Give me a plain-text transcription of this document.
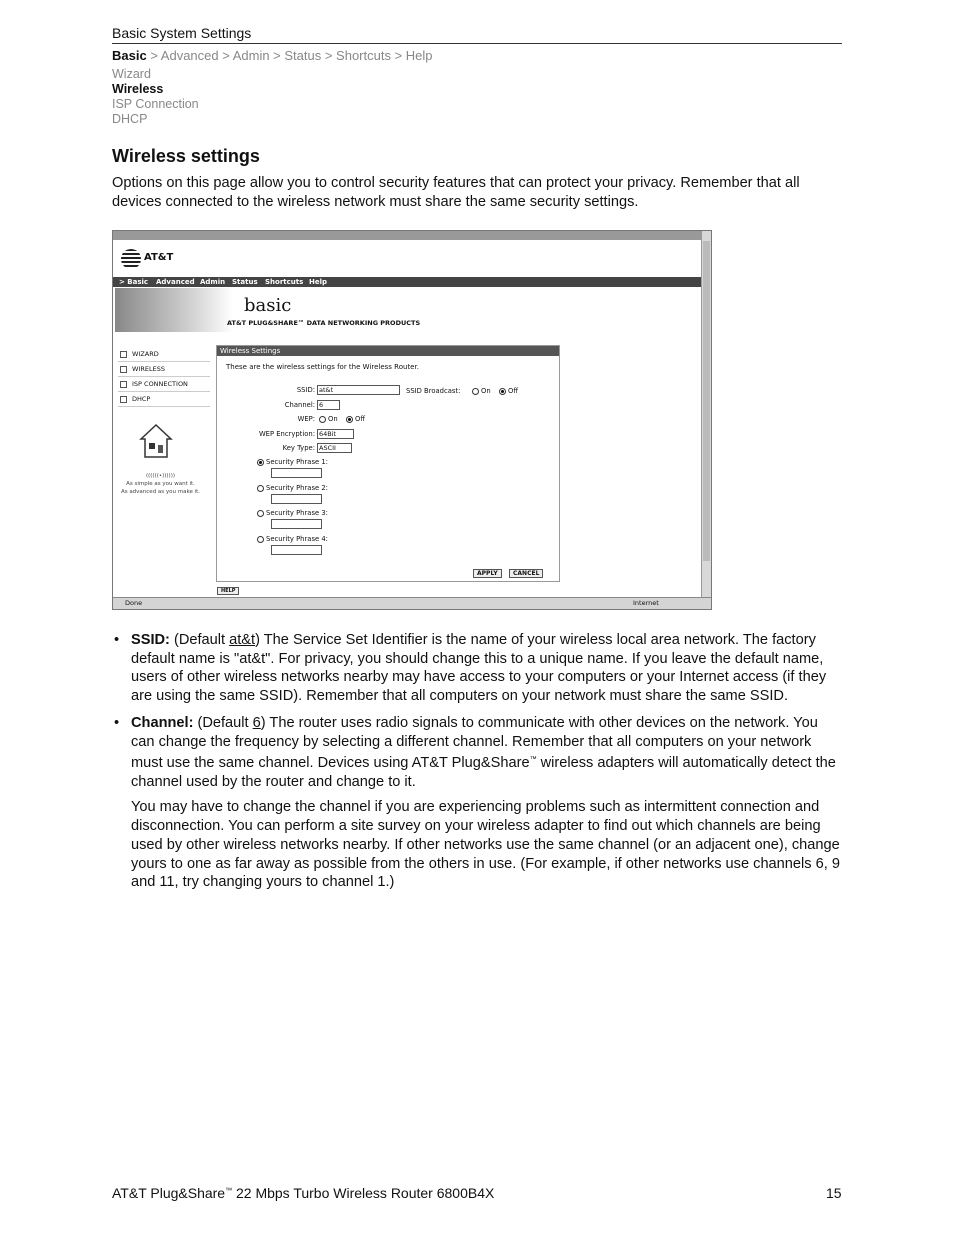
Basic System Settings
Basic > Advanced > Admin > Status > Shortcuts > Help
Wizard
Wireless
ISP Connection
DHCP
Wireless settings
Options on this page allow you to control security features that can protect your privacy. Remember that all devices connected to the wireless network must share the same security settings.
AT&T
> Basic Advanced Admin Status Shortcuts Help
basic
AT&T PLUG&SHARE™ DATA NETWORKING PRODUCTS
WIZARD
WIRELESS
ISP CONNECTION
DHCP
((((((•))))))
As simple as you want it.
As advanced as you make it.
Wireless Settings
These are the wireless settings for the Wireless Router.
SSID: at&t	SSID Broadcast:	On	Off
Channel: 6
WEP:	On	Off
WEP Encryption: 64Bit
Key Type: ASCII
Security Phrase 1:
Security Phrase 2:
Security Phrase 3:
Security Phrase 4:
APPLY	CANCEL
HELP
Done	Internet
• SSID: (Default at&t) The Service Set Identifier is the name of your wireless local area network. The factory default name is "at&t". For privacy, you should change this to a unique name. If you leave the default name, users of other wireless networks nearby may have access to your computers or your Internet access (if they are using the same SSID). Remember that all computers on your network must share the same SSID.

• Channel: (Default 6) The router uses radio signals to communicate with other devices on the network. You can change the frequency by selecting a different channel. Remember that all computers on your network must use the same channel. Devices using AT&T Plug&Share™ wireless adapters will automatically detect the channel used by the router and change to it.

You may have to change the channel if you are experiencing problems such as intermittent connection and disconnection. You can perform a site survey on your wireless adapter to find out which channels are being used by other wireless networks nearby. If other networks use the same channel (or an adjacent one), change yours to one as far away as possible from the others in use. (For example, if other networks use channels 6, 9 and 11, try changing yours to channel 1.)
AT&T Plug&Share™ 22 Mbps Turbo Wireless Router 6800B4X	15
